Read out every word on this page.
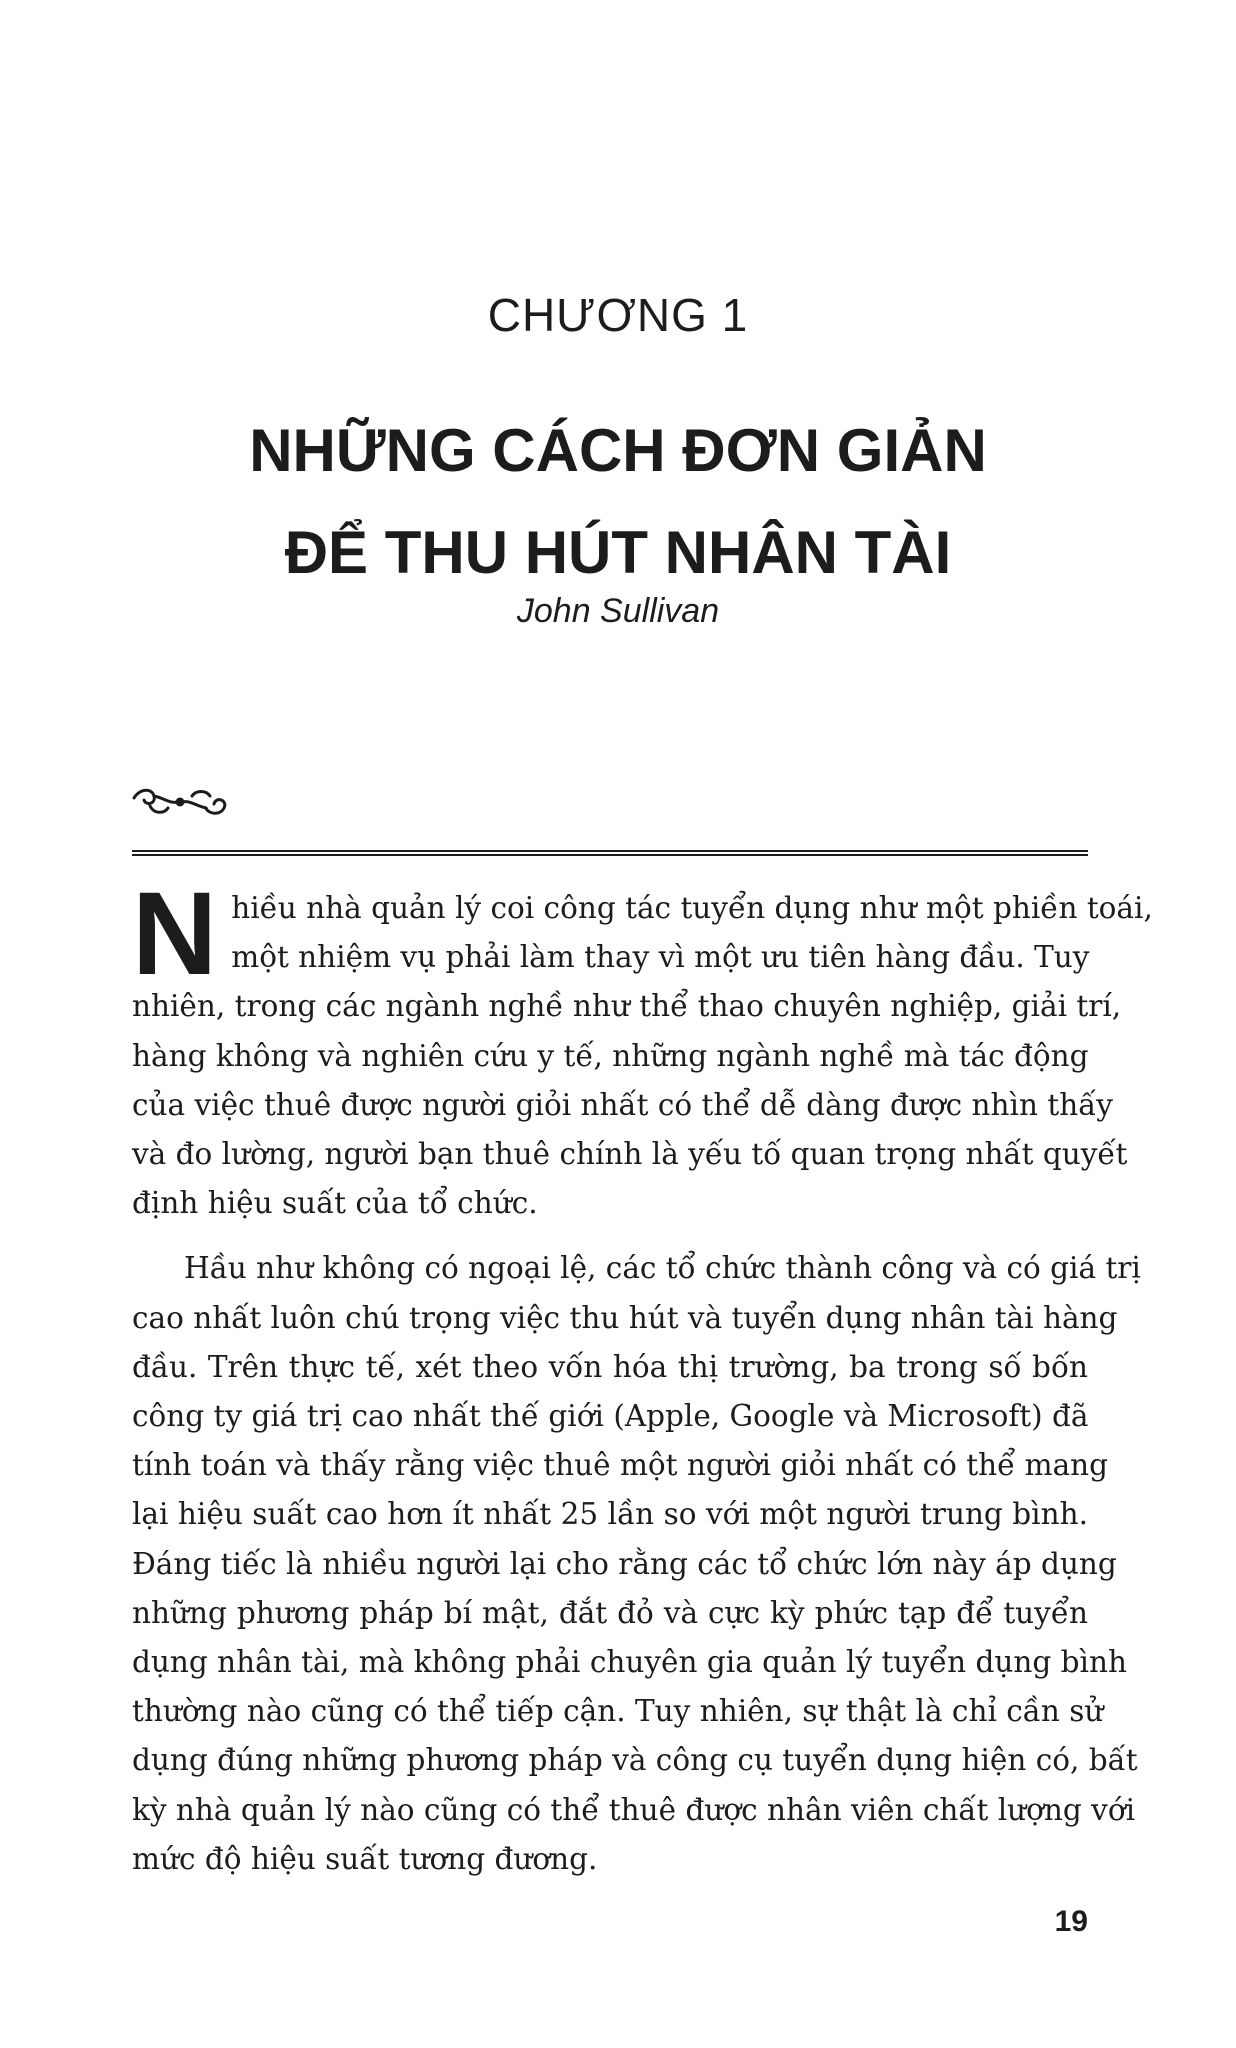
CHƯƠNG 1
NHỮNG CÁCH ĐƠN GIẢN
ĐỂ THU HÚT NHÂN TÀI
John Sullivan
N hiều nhà quản lý coi công tác tuyển dụng như một phiền toái,
một nhiệm vụ phải làm thay vì một ưu tiên hàng đầu. Tuy
nhiên, trong các ngành nghề như thể thao chuyên nghiệp, giải trí,
hàng không và nghiên cứu y tế, những ngành nghề mà tác động
của việc thuê được người giỏi nhất có thể dễ dàng được nhìn thấy
và đo lường, người bạn thuê chính là yếu tố quan trọng nhất quyết
định hiệu suất của tổ chức.
Hầu như không có ngoại lệ, các tổ chức thành công và có giá trị
cao nhất luôn chú trọng việc thu hút và tuyển dụng nhân tài hàng
đầu. Trên thực tế, xét theo vốn hóa thị trường, ba trong số bốn
công ty giá trị cao nhất thế giới (Apple, Google và Microsoft) đã
tính toán và thấy rằng việc thuê một người giỏi nhất có thể mang
lại hiệu suất cao hơn ít nhất 25 lần so với một người trung bình.
Đáng tiếc là nhiều người lại cho rằng các tổ chức lớn này áp dụng
những phương pháp bí mật, đắt đỏ và cực kỳ phức tạp để tuyển
dụng nhân tài, mà không phải chuyên gia quản lý tuyển dụng bình
thường nào cũng có thể tiếp cận. Tuy nhiên, sự thật là chỉ cần sử
dụng đúng những phương pháp và công cụ tuyển dụng hiện có, bất
kỳ nhà quản lý nào cũng có thể thuê được nhân viên chất lượng với
mức độ hiệu suất tương đương.
19
